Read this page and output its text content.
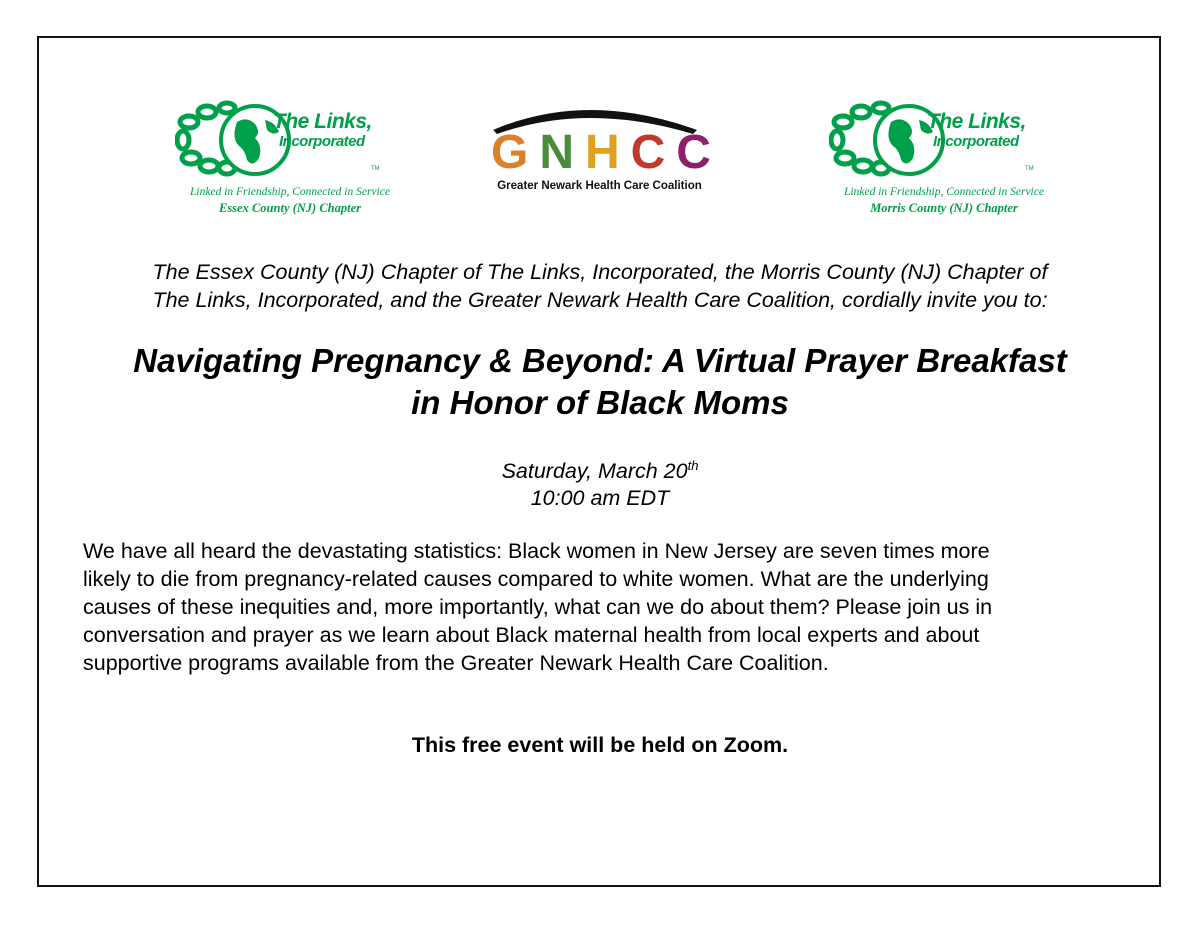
The Links,
Incorporated
TM
Linked in Friendship, Connected in Service
Essex County (NJ) Chapter
G N H C C
Greater Newark Health Care Coalition
The Links,
Incorporated
TM
Linked in Friendship, Connected in Service
Morris County (NJ) Chapter
The Essex County (NJ) Chapter of The Links, Incorporated, the Morris County (NJ) Chapter of
The Links, Incorporated, and the Greater Newark Health Care Coalition, cordially invite you to:
Navigating Pregnancy & Beyond: A Virtual Prayer Breakfast
in Honor of Black Moms
Saturday, March 20th
10:00 am EDT
We have all heard the devastating statistics: Black women in New Jersey are seven times more
likely to die from pregnancy-related causes compared to white women. What are the underlying
causes of these inequities and, more importantly, what can we do about them? Please join us in
conversation and prayer as we learn about Black maternal health from local experts and about
supportive programs available from the Greater Newark Health Care Coalition.
This free event will be held on Zoom.
